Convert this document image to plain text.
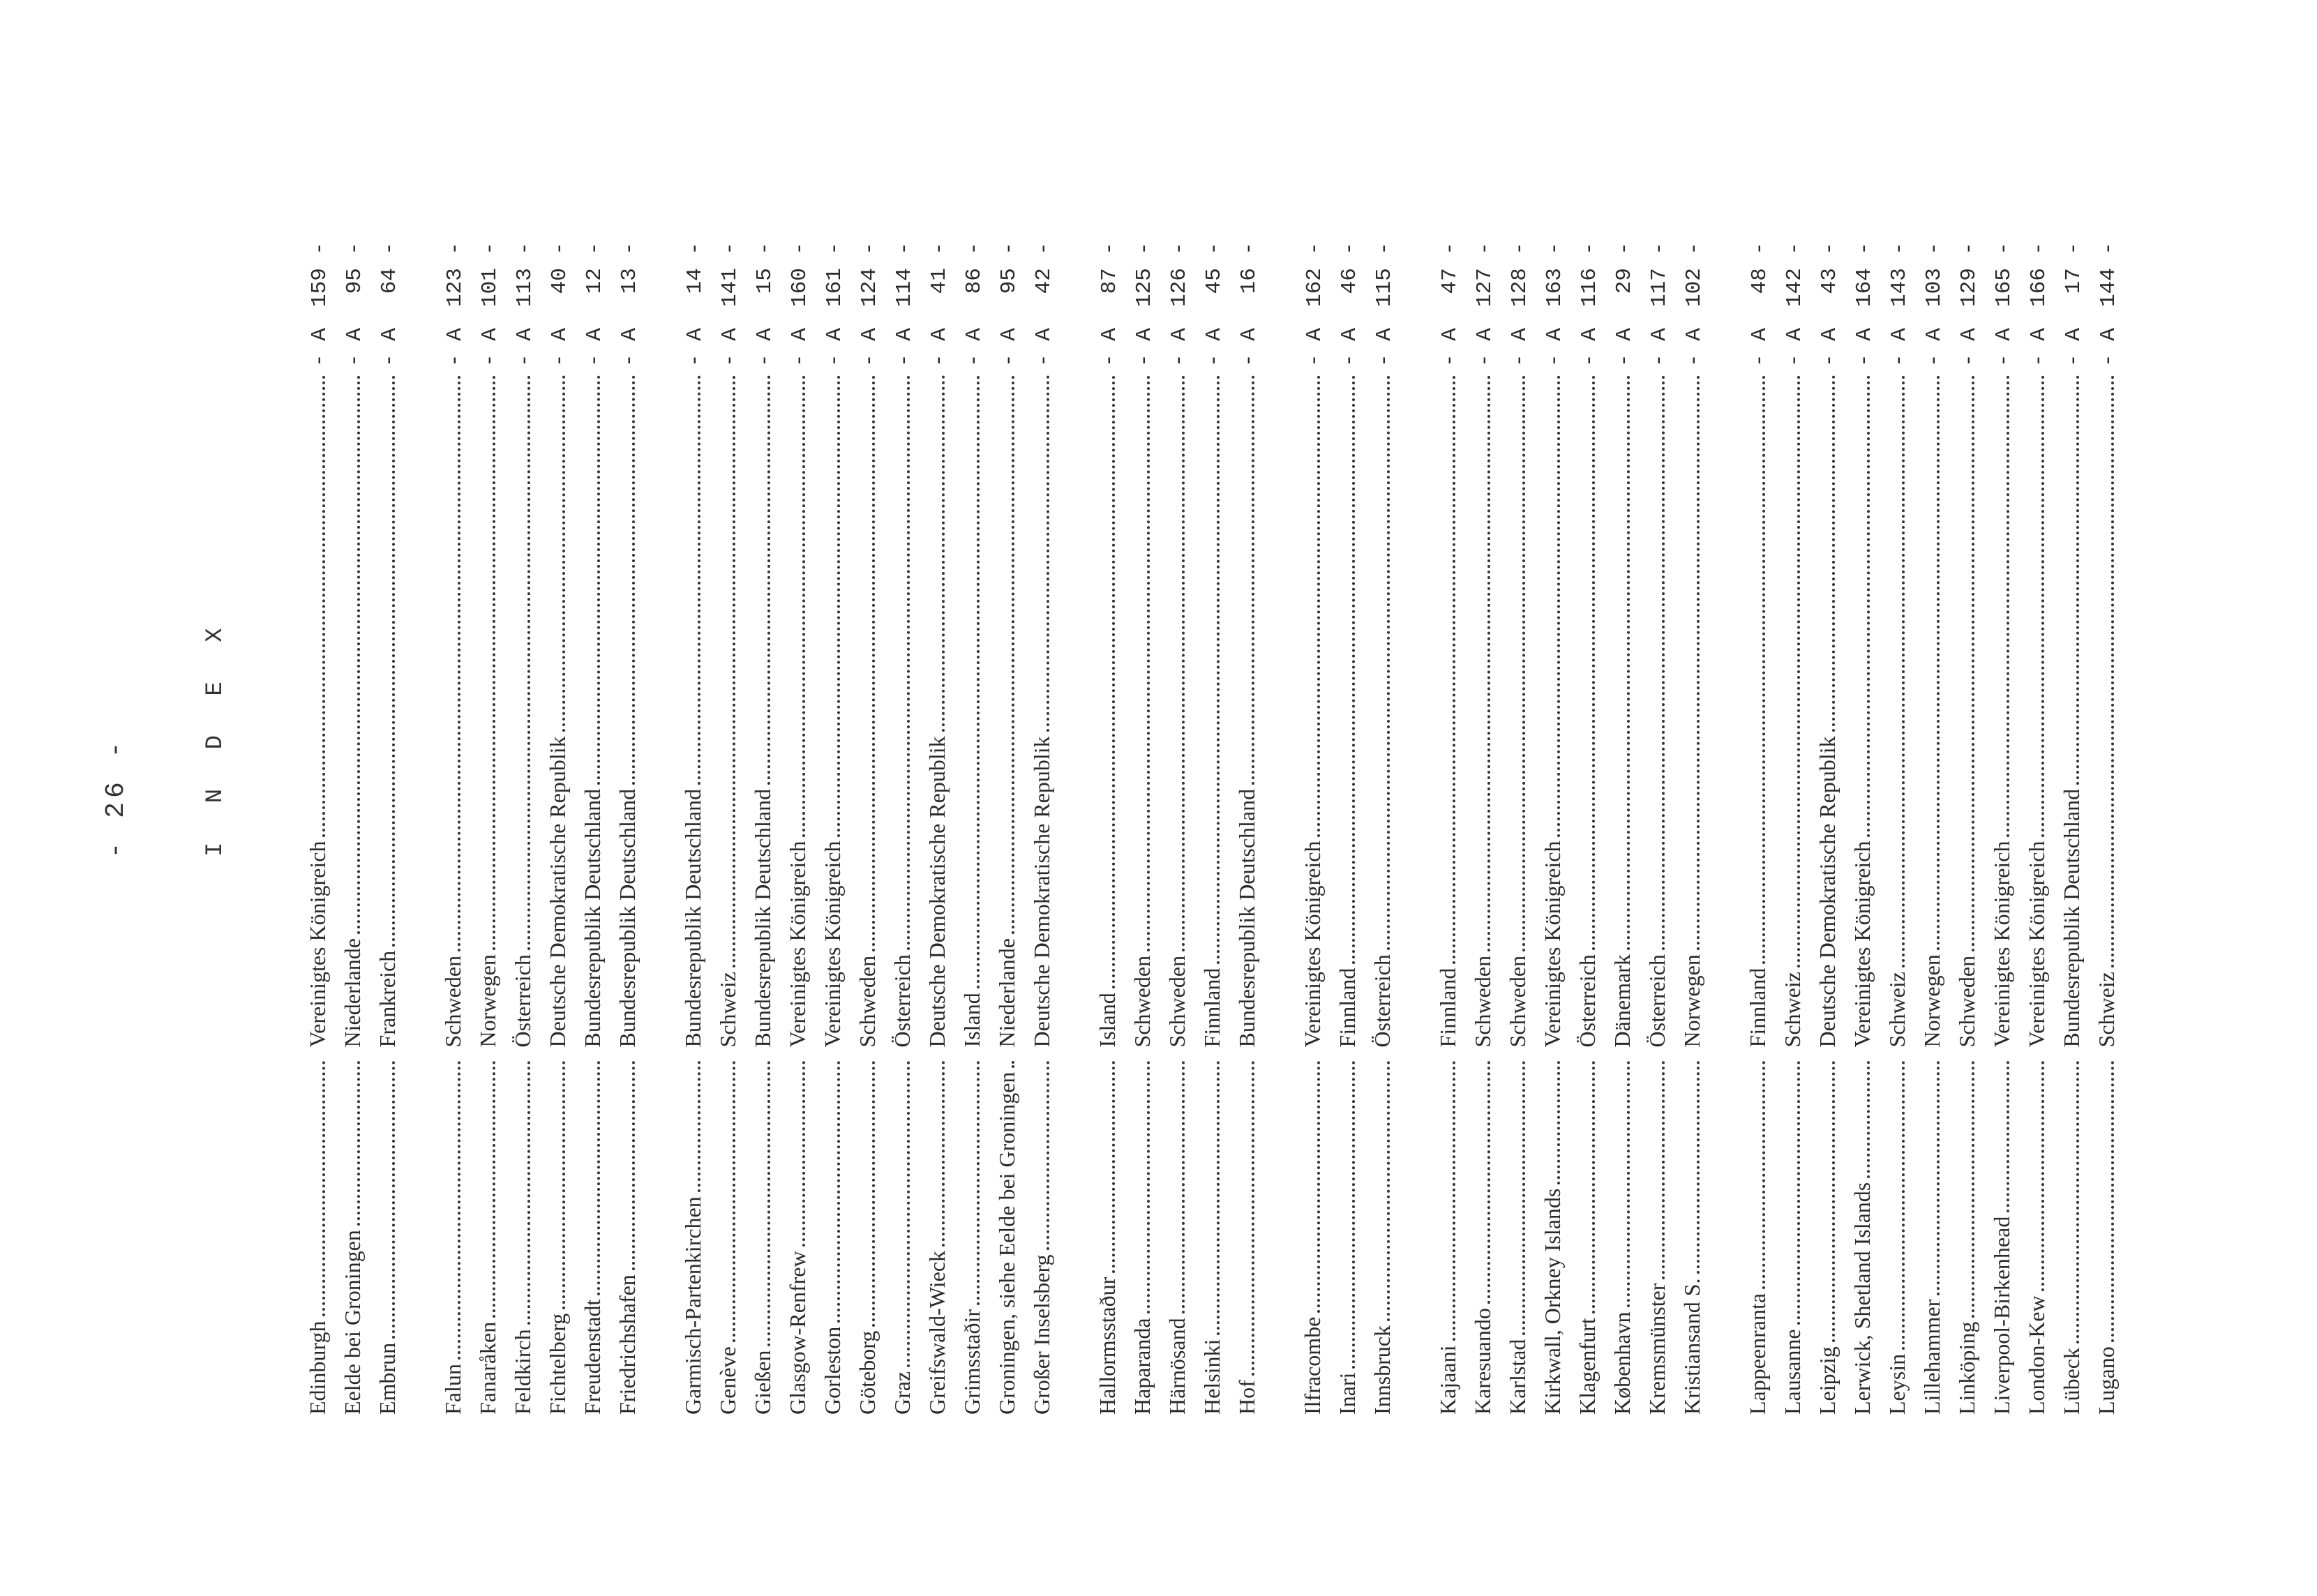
- 26 -	I N D E X
Edinburgh
Vereinigtes Königreich
- A
159
-
Eelde bei Groningen
Niederlande
- A
95
-
Embrun
Frankreich
- A
64
-
Falun
Schweden
- A
123
-
Fanaråken
Norwegen
- A
101
-
Feldkirch
Österreich
- A
113
-
Fichtelberg
Deutsche Demokratische Republik
- A
40
-
Freudenstadt
Bundesrepublik Deutschland
- A
12
-
Friedrichshafen
Bundesrepublik Deutschland
- A
13
-
Garmisch-Partenkirchen
Bundesrepublik Deutschland
- A
14
-
Genève
Schweiz
- A
141
-
Gießen
Bundesrepublik Deutschland
- A
15
-
Glasgow-Renfrew
Vereinigtes Königreich
- A
160
-
Gorleston
Vereinigtes Königreich
- A
161
-
Göteborg
Schweden
- A
124
-
Graz
Österreich
- A
114
-
Greifswald-Wieck
Deutsche Demokratische Republik
- A
41
-
Grimsstaðir
Island
- A
86
-
Groningen, siehe Eelde bei Groningen
Niederlande
- A
95
-
Großer Inselsberg
Deutsche Demokratische Republik
- A
42
-
Hallormsstaður
Island
- A
87
-
Haparanda
Schweden
- A
125
-
Härnösand
Schweden
- A
126
-
Helsinki
Finnland
- A
45
-
Hof
Bundesrepublik Deutschland
- A
16
-
Ilfracombe
Vereinigtes Königreich
- A
162
-
Inari
Finnland
- A
46
-
Innsbruck
Österreich
- A
115
-
Kajaani
Finnland
- A
47
-
Karesuando
Schweden
- A
127
-
Karlstad
Schweden
- A
128
-
Kirkwall, Orkney Islands
Vereinigtes Königreich
- A
163
-
Klagenfurt
Österreich
- A
116
-
København
Dänemark
- A
29
-
Kremsmünster
Österreich
- A
117
-
Kristiansand S.
Norwegen
- A
102
-
Lappeenranta
Finnland
- A
48
-
Lausanne
Schweiz
- A
142
-
Leipzig
Deutsche Demokratische Republik
- A
43
-
Lerwick, Shetland Islands
Vereinigtes Königreich
- A
164
-
Leysin
Schweiz
- A
143
-
Lillehammer
Norwegen
- A
103
-
Linköping
Schweden
- A
129
-
Liverpool-Birkenhead
Vereinigtes Königreich
- A
165
-
London-Kew
Vereinigtes Königreich
- A
166
-
Lübeck
Bundesrepublik Deutschland
- A
17
-
Lugano
Schweiz
- A
144
-
